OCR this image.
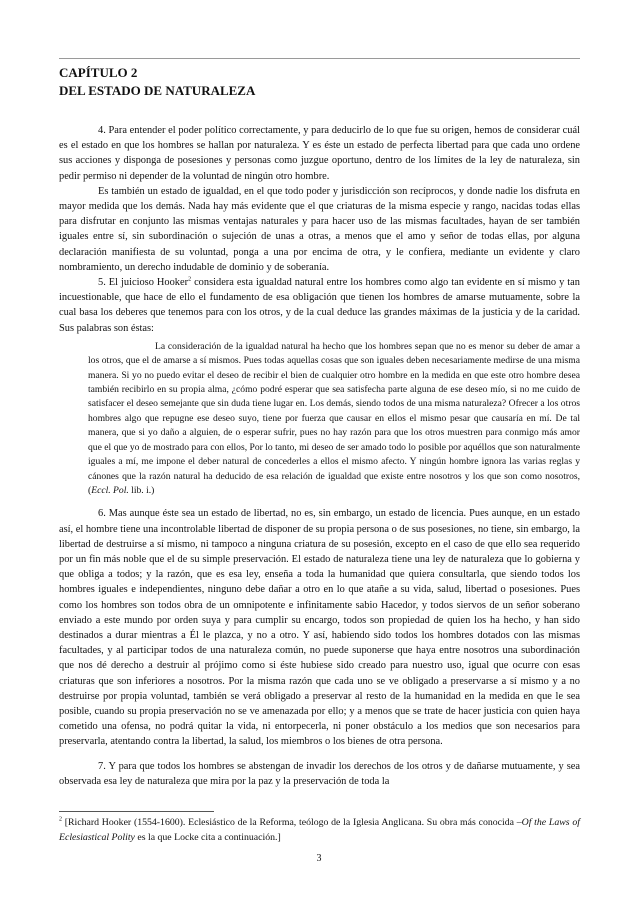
CAPÍTULO 2
DEL ESTADO DE NATURALEZA

4. Para entender el poder político correctamente, y para deducirlo de lo que fue su origen, hemos de considerar cuál es el estado en que los hombres se hallan por naturaleza. Y es éste un estado de perfecta libertad para que cada uno ordene sus acciones y disponga de posesiones y personas como juzgue oportuno, dentro de los límites de la ley de naturaleza, sin pedir permiso ni depender de la voluntad de ningún otro hombre.

Es también un estado de igualdad, en el que todo poder y jurisdicción son recíprocos, y donde nadie los disfruta en mayor medida que los demás. Nada hay más evidente que el que criaturas de la misma especie y rango, nacidas todas ellas para disfrutar en conjunto las mismas ventajas naturales y para hacer uso de las mismas facultades, hayan de ser también iguales entre sí, sin subordinación o sujeción de unas a otras, a menos que el amo y señor de todas ellas, por alguna declaración manifiesta de su voluntad, ponga a una por encima de otra, y le confiera, mediante un evidente y claro nombramiento, un derecho indudable de dominio y de soberanía.

5. El juicioso Hooker$^2$ considera esta igualdad natural entre los hombres como algo tan evidente en sí mismo y tan incuestionable, que hace de ello el fundamento de esa obligación que tienen los hombres de amarse mutuamente, sobre la cual basa los deberes que tenemos para con los otros, y de la cual deduce las grandes máximas de la justicia y de la caridad. Sus palabras son éstas:

La consideración de la igualdad natural ha hecho que los hombres sepan que no es menor su deber de amar a los otros, que el de amarse a sí mismos. Pues todas aquellas cosas que son iguales deben necesariamente medirse de una misma manera. Si yo no puedo evitar el deseo de recibir el bien de cualquier otro hombre en la medida en que este otro hombre desea también recibirlo en su propia alma, ¿cómo podré esperar que sea satisfecha parte alguna de ese deseo mío, si no me cuido de satisfacer el deseo semejante que sin duda tiene lugar en. Los demás, siendo todos de una misma naturaleza? Ofrecer a los otros hombres algo que repugne ese deseo suyo, tiene por fuerza que causar en ellos el mismo pesar que causaría en mí. De tal manera, que si yo daño a alguien, de o esperar sufrir, pues no hay razón para que los otros muestren para conmigo más amor que el que yo de mostrado para con ellos, Por lo tanto, mi deseo de ser amado todo lo posible por aquéllos que son naturalmente iguales a mí, me impone el deber natural de concederles a ellos el mismo afecto. Y ningún hombre ignora las varias reglas y cánones que la razón natural ha deducido de esa relación de igualdad que existe entre nosotros y los que son como nosotros, (Eccl. Pol. lib. i.)

6. Mas aunque éste sea un estado de libertad, no es, sin embargo, un estado de licencia. Pues aunque, en un estado así, el hombre tiene una incontrolable libertad de disponer de su propia persona o de sus posesiones, no tiene, sin embargo, la libertad de destruirse a sí mismo, ni tampoco a ninguna criatura de su posesión, excepto en el caso de que ello sea requerido por un fin más noble que el de su simple preservación. El estado de naturaleza tiene una ley de naturaleza que lo gobierna y que obliga a todos; y la razón, que es esa ley, enseña a toda la humanidad que quiera consultarla, que siendo todos los hombres iguales e independientes, ninguno debe dañar a otro en lo que atañe a su vida, salud, libertad o posesiones. Pues como los hombres son todos obra de un omnipotente e infinitamente sabio Hacedor, y todos siervos de un señor soberano enviado a este mundo por orden suya y para cumplir su encargo, todos son propiedad de quien los ha hecho, y han sido destinados a durar mientras a Él le plazca, y no a otro. Y así, habiendo sido todos los hombres dotados con las mismas facultades, y al participar todos de una naturaleza común, no puede suponerse que haya entre nosotros una subordinación que nos dé derecho a destruir al prójimo como si éste hubiese sido creado para nuestro uso, igual que ocurre con esas criaturas que son inferiores a nosotros. Por la misma razón que cada uno se ve obligado a preservarse a sí mismo y a no destruirse por propia voluntad, también se verá obligado a preservar al resto de la humanidad en la medida en que le sea posible, cuando su propia preservación no se ve amenazada por ello; y a menos que se trate de hacer justicia con quien haya cometido una ofensa, no podrá quitar la vida, ni entorpecerla, ni poner obstáculo a los medios que son necesarios para preservarla, atentando contra la libertad, la salud, los miembros o los bienes de otra persona.

7. Y para que todos los hombres se abstengan de invadir los derechos de los otros y de dañarse mutuamente, y sea observada esa ley de naturaleza que mira por la paz y la preservación de toda la

$^2$ [Richard Hooker (1554-1600). Eclesiástico de la Reforma, teólogo de la Iglesia Anglicana. Su obra más conocida –Of the Laws of Eclesiastical Polity es la que Locke cita a continuación.]
3
